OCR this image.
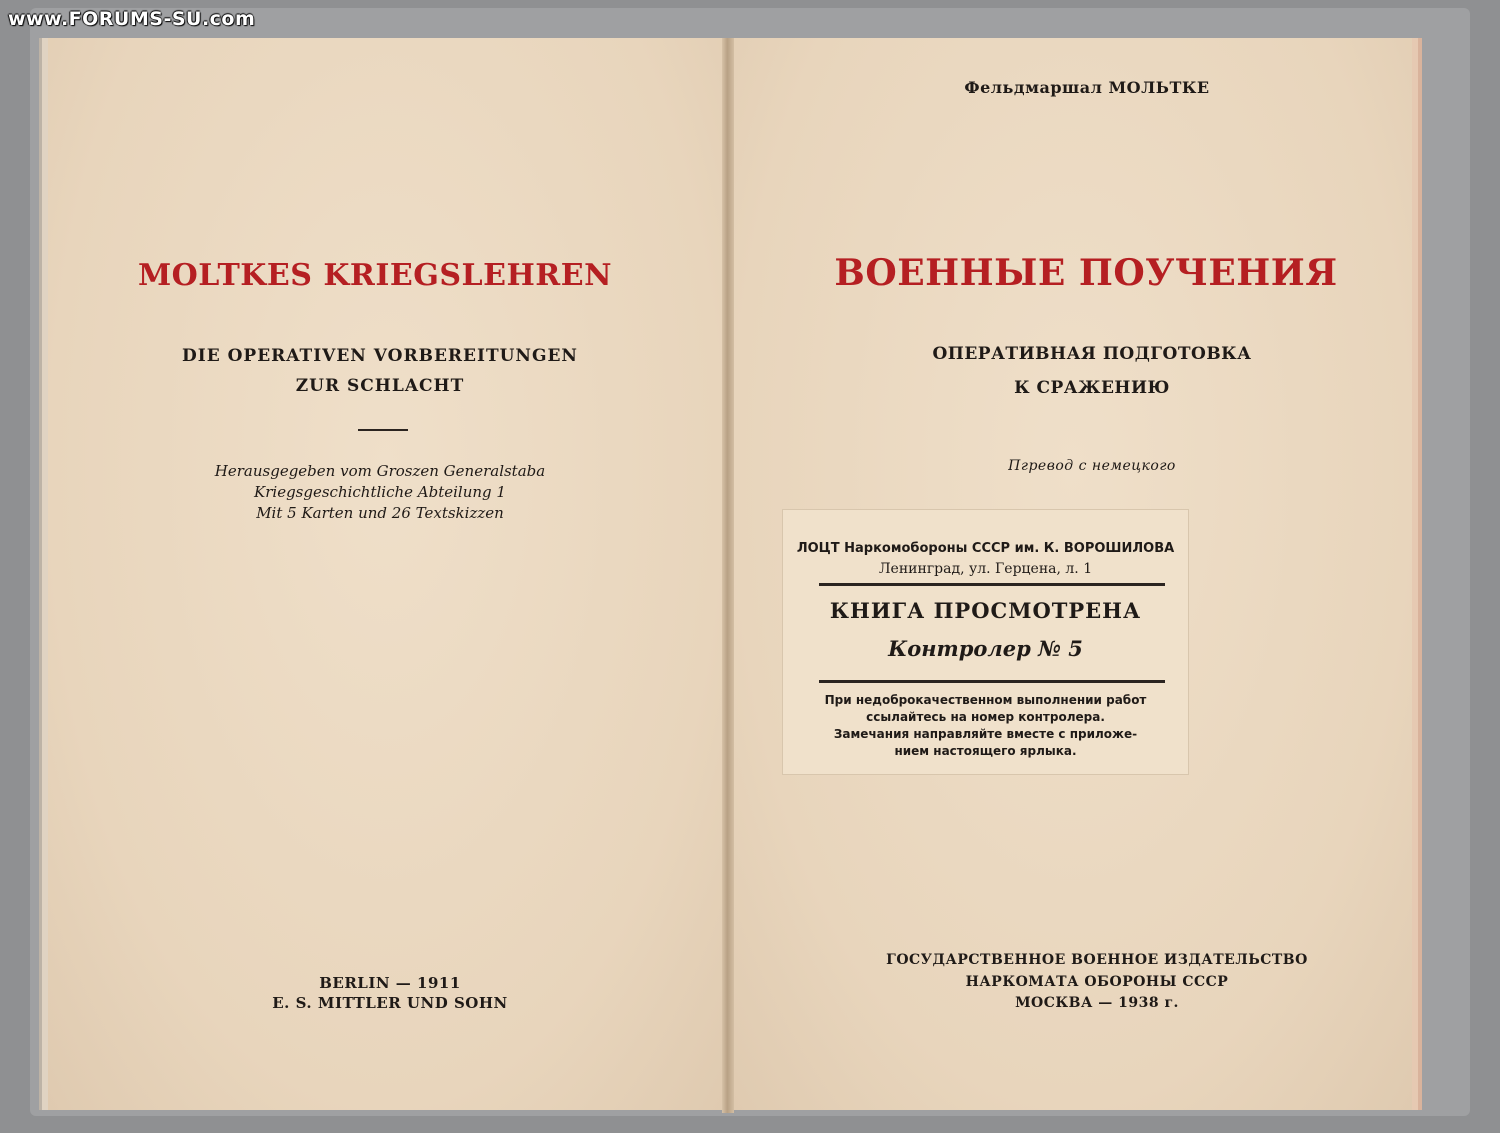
www.FORUMS-SU.com
MOLTKES KRIEGSLEHREN
DIE OPERATIVEN VORBEREITUNGEN
ZUR SCHLACHT
Herausgegeben vom Groszen Generalstaba
Kriegsgeschichtliche Abteilung 1
Mit 5 Karten und 26 Textskizzen
BERLIN — 1911
E. S. MITTLER UND SOHN
Фельдмаршал МОЛЬТКЕ
ВОЕННЫЕ ПОУЧЕНИЯ
ОПЕРАТИВНАЯ ПОДГОТОВКА
К СРАЖЕНИЮ
Пгревод с немецкого
ЛОЦТ Наркомобороны СССР им. К. ВОРОШИЛОВА
Ленинград, ул. Герцена, л. 1
КНИГА ПРОСМОТРЕНА
Контролер № 5
При недоброкачественном выполнении работ
ссылайтесь на номер контролера.
Замечания направляйте вместе с приложе-
нием настоящего ярлыка.
ГОСУДАРСТВЕННОЕ ВОЕННОЕ ИЗДАТЕЛЬСТВО
НАРКОМАТА ОБОРОНЫ СССР
МОСКВА — 1938 г.
